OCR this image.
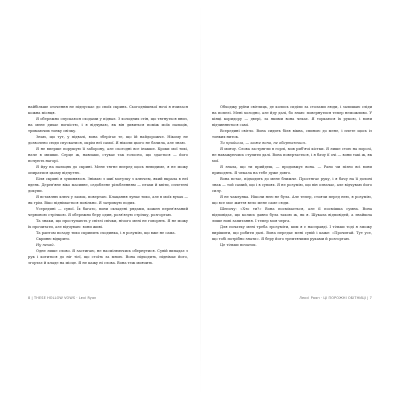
найбільше оточення не підпускає до своїх скринь. Сьогоднішньої ночі я вчилася кожна місяця.

Я обережно спускаюся сходами у підвал. З холодних стін, що тягнуться вниз, на мене дихає вогкістю, і я відчуваю, як він дивиться поміж моїх пальців, тримаючих тонку свічку.

Знаю, що тут, у підвалі, вона зберігає те, що їй найдорожче. Нікому не дозволено сюди спускатися, окрім неї самої. Я ніколи цього не бачила, але знаю.

Я не вперше порушую її заборону, але сьогодні все інакше. Кроки мої тихі, наче в мишки. Серце ж, навпаки, стукає так голосно, що здається — його почують нагорі.

Я йду на пальцях до скрині. Мене тягне вперед щось невидиме, я не можу опиратися цьому відчуттю.

Біля скрині я зупиняюся. Знімаю з шиї мотузку з ключем, який вкрала в неї вдень. Дерев'яне віко масивне, оздоблене різьбленням — птахи й квіти, сплетені докупи.

Я вставляю ключ у замок, повертаю. Клацання лунає тихо, але в моїх вухах — як грім. Віко піднімається повільно. Я затримую подих.

Усередині — сувої. Їх багато, вони складені рядами, кожен перев'язаний червоною стрічкою. Я обережно беру один, розв'язую стрічку, розгортаю.

Та знаки, що проступають у світлі свічки, нічого мені не говорять. Я не можу їх прочитати, але відчуваю: вони живі.

Та раптом позаду тихо скрипить сходинка, і я розумію, що вже не сама.

Скриню відкрито.

Ну нехай.

Одне лише слово. Я застигаю, не насмілюючись обернутися. Сувій випадає з рук і котиться до ніг тієї, що стоїть за мною. Вона підходить, піднімає його, згортає й кладе на місце. Я не кажу ні слова. Вона теж мовчить.

Обходжу руїни світлиць, де колись сиділи за столами люди, і залишаю сліди на попелі. Мені холодно, але йду далі, бо знаю: повернутися тепер неможливо. У кінці коридору — двері, за якими вона чекає. Я торкаюся їх рукою, і вони відчиняються самі.

Всередині світло. Вона сидить біля вікна, спиною до мене, і плете щось із тонких ниток.

Ти прийшла, — каже вона, не обертаючись.

Я мовчу. Слова застрягли в горлі, мов риб'ячі кістки. Я лише стою на порозі, не наважуючись ступити далі. Вона повертається, і я бачу її очі — вони такі ж, як мої.

Я знала, що ти прийдеш, — продовжує вона. — Рано чи пізно всі вони приходять. Я чекала на тебе дуже довго.

Вона встає, підходить до мене ближче. Простягає руку, і я бачу на її долоні знак — той самий, що і в сувоях. Я не розумію, що він означає, але відчуваю його силу.

Я не чаклунка. Ніколи нею не була. Але тепер, стоячи перед нею, я розумію, що все моє життя вело мене саме сюди.

Шепочу: «Хто ти?» Вона посміхається, але її посмішка сумна. Вона відповідає, що колись давно була такою ж, як я. Шукала відповідей, а знайшла лише нові запитання. І тепер моя черга.

Для початку мені треба зрозуміти, ким я є насправді. І тільки тоді я зможу вирішити, що робити далі. Вона передає мені сувій і каже: «Прочитай. Тут усе, що тобі потрібно знати». Я беру його тремтячими руками й розгортаю.

Це тільки початок.

8 | THESE HOLLOW VOWS · Lexi Ryan	Лексі Раян · ЦІ ПОРОЖНІ ОБІТНИЦІ | 7
